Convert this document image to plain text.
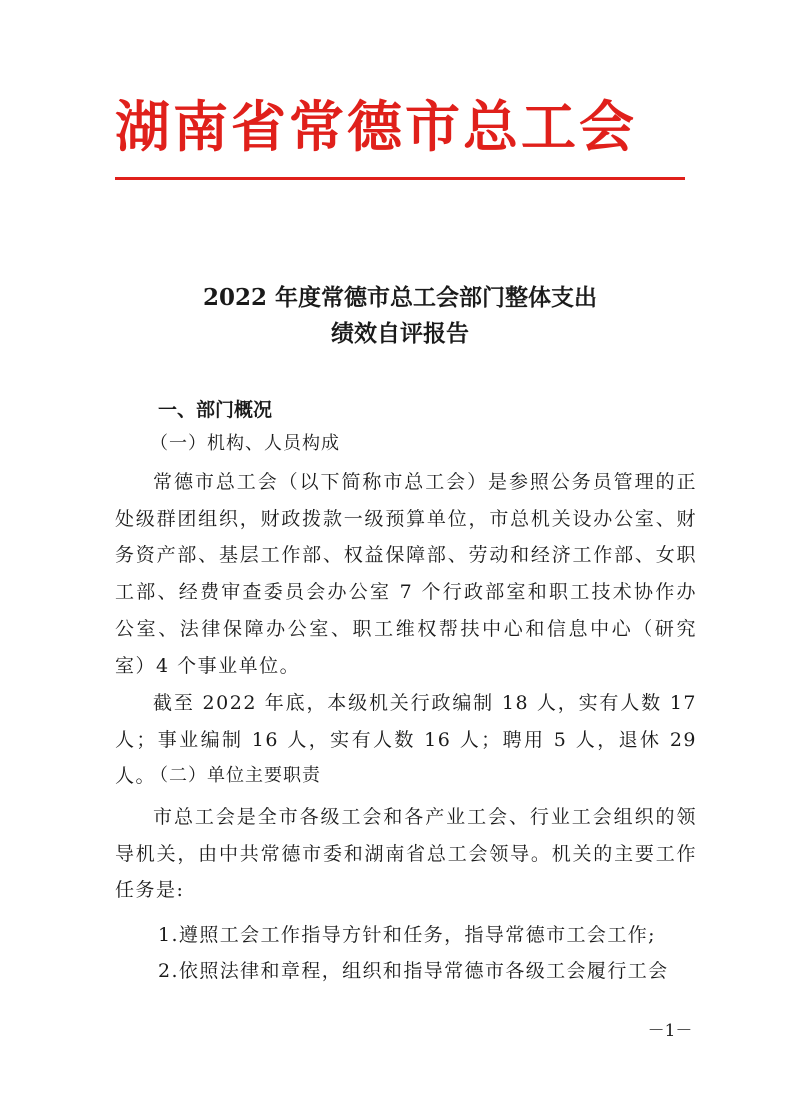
湖南省常德市总工会
2022 年度常德市总工会部门整体支出
绩效自评报告
一、部门概况
（一）机构、人员构成

常德市总工会（以下简称市总工会）是参照公务员管理的正处级群团组织，财政拨款一级预算单位，市总机关设办公室、财务资产部、基层工作部、权益保障部、劳动和经济工作部、女职工部、经费审查委员会办公室 7 个行政部室和职工技术协作办公室、法律保障办公室、职工维权帮扶中心和信息中心（研究室）4 个事业单位。

截至 2022 年底，本级机关行政编制 18 人，实有人数 17 人；事业编制 16 人，实有人数 16 人；聘用 5 人，退休 29 人。

（二）单位主要职责

市总工会是全市各级工会和各产业工会、行业工会组织的领导机关，由中共常德市委和湖南省总工会领导。机关的主要工作任务是:

1.遵照工会工作指导方针和任务，指导常德市工会工作;
2.依照法律和章程，组织和指导常德市各级工会履行工会
－1－
